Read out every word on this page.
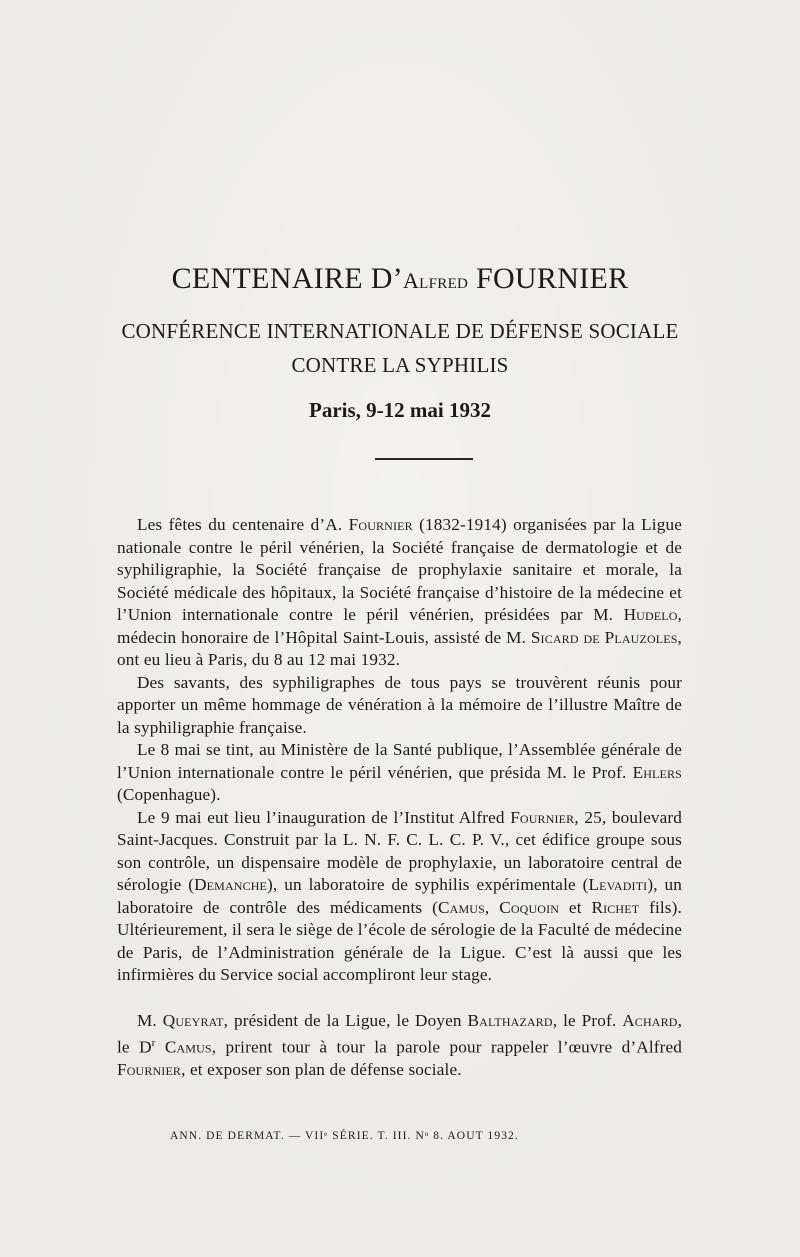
CENTENAIRE D’Alfred FOURNIER
CONFÉRENCE INTERNATIONALE DE DÉFENSE SOCIALE
CONTRE LA SYPHILIS
Paris, 9-12 mai 1932

Les fêtes du centenaire d’A. Fournier (1832-1914) organisées par la Ligue nationale contre le péril vénérien, la Société française de dermatologie et de syphiligraphie, la Société française de prophylaxie sanitaire et morale, la Société médicale des hôpitaux, la Société française d’histoire de la médecine et l’Union internationale contre le péril vénérien, présidées par M. Hudelo, médecin honoraire de l’Hôpital Saint-Louis, assisté de M. Sicard de Plauzoles, ont eu lieu à Paris, du 8 au 12 mai 1932.

Des savants, des syphiligraphes de tous pays se trouvèrent réunis pour apporter un même hommage de vénération à la mémoire de l’illustre Maître de la syphiligraphie française.

Le 8 mai se tint, au Ministère de la Santé publique, l’Assemblée générale de l’Union internationale contre le péril vénérien, que présida M. le Prof. Ehlers (Copenhague).

Le 9 mai eut lieu l’inauguration de l’Institut Alfred Fournier, 25, boulevard Saint-Jacques. Construit par la L. N. F. C. L. C. P. V., cet édifice groupe sous son contrôle, un dispensaire modèle de prophylaxie, un laboratoire central de sérologie (Demanche), un laboratoire de syphilis expérimentale (Levaditi), un laboratoire de contrôle des médicaments (Camus, Coquoin et Richet fils). Ultérieurement, il sera le siège de l’école de sérologie de la Faculté de médecine de Paris, de l’Administration générale de la Ligue. C’est là aussi que les infirmières du Service social accompliront leur stage.

M. Queyrat, président de la Ligue, le Doyen Balthazard, le Prof. Achard, le $D^r$ Camus, prirent tour à tour la parole pour rappeler l’œuvre d’Alfred Fournier, et exposer son plan de défense sociale.

ANN. DE DERMAT. — VIIᵉ SÉRIE. T. III. Nᵒ 8. AOUT 1932.
